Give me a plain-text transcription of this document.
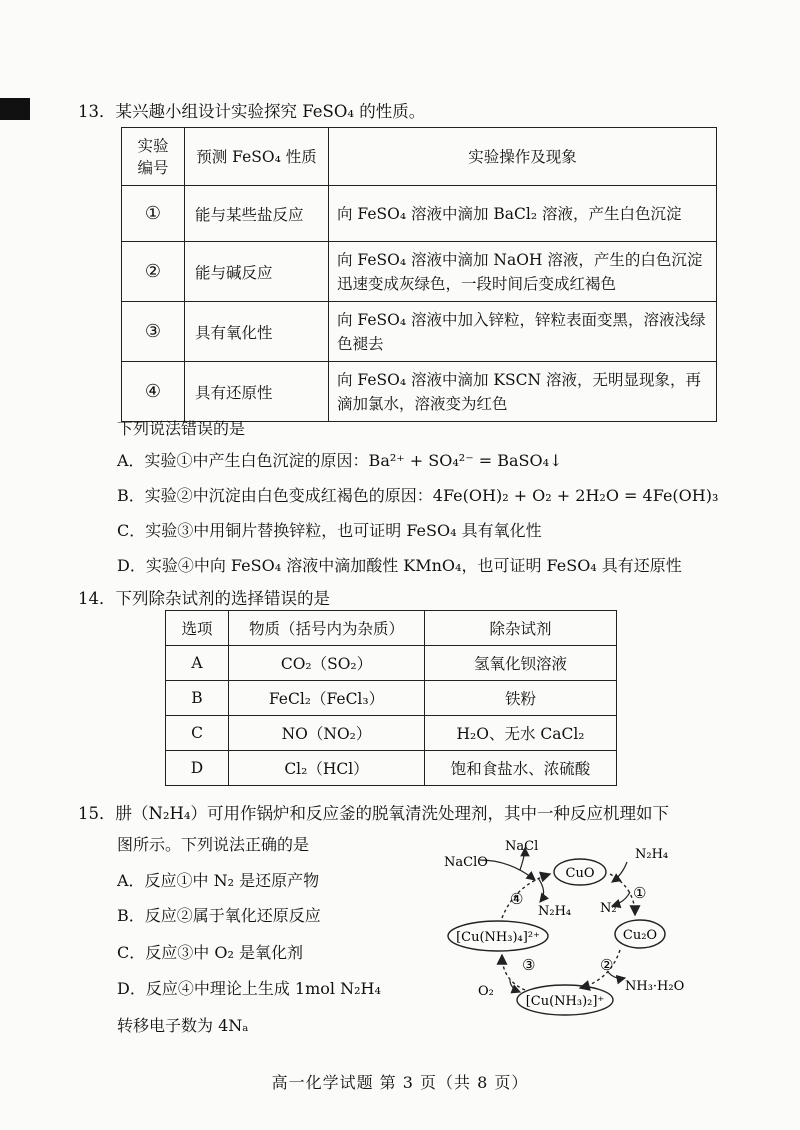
13．某兴趣小组设计实验探究 FeSO₄ 的性质。
实验编号	预测 FeSO₄ 性质	实验操作及现象
①	能与某些盐反应	向 FeSO₄ 溶液中滴加 BaCl₂ 溶液，产生白色沉淀
②	能与碱反应	向 FeSO₄ 溶液中滴加 NaOH 溶液，产生的白色沉淀迅速变成灰绿色，一段时间后变成红褐色
③	具有氧化性	向 FeSO₄ 溶液中加入锌粒，锌粒表面变黑，溶液浅绿色褪去
④	具有还原性	向 FeSO₄ 溶液中滴加 KSCN 溶液，无明显现象，再滴加氯水，溶液变为红色
下列说法错误的是
A．实验①中产生白色沉淀的原因：Ba²⁺ + SO₄²⁻ = BaSO₄↓
B．实验②中沉淀由白色变成红褐色的原因：4Fe(OH)₂ + O₂ + 2H₂O = 4Fe(OH)₃
C．实验③中用铜片替换锌粒，也可证明 FeSO₄ 具有氧化性
D．实验④中向 FeSO₄ 溶液中滴加酸性 KMnO₄，也可证明 FeSO₄ 具有还原性
14．下列除杂试剂的选择错误的是
选项	物质（括号内为杂质）	除杂试剂
A	CO₂（SO₂）	氢氧化钡溶液
B	FeCl₂（FeCl₃）	铁粉
C	NO（NO₂）	H₂O、无水 CaCl₂
D	Cl₂（HCl）	饱和食盐水、浓硫酸
15．肼（N₂H₄）可用作锅炉和反应釜的脱氧清洗处理剂，其中一种反应机理如下
图所示。下列说法正确的是
A．反应①中 N₂ 是还原产物
B．反应②属于氧化还原反应
C．反应③中 O₂ 是氧化剂
D．反应④中理论上生成 1mol N₂H₄
转移电子数为 4Nₐ
CuO
Cu₂O
[Cu(NH₃)₂]⁺
[Cu(NH₃)₄]²⁺
N₂H₄
N₂
NH₃·H₂O
O₂
NaClO
NaCl
N₂H₄
①
②
③
④
高一化学试题 第 3 页（共 8 页）
